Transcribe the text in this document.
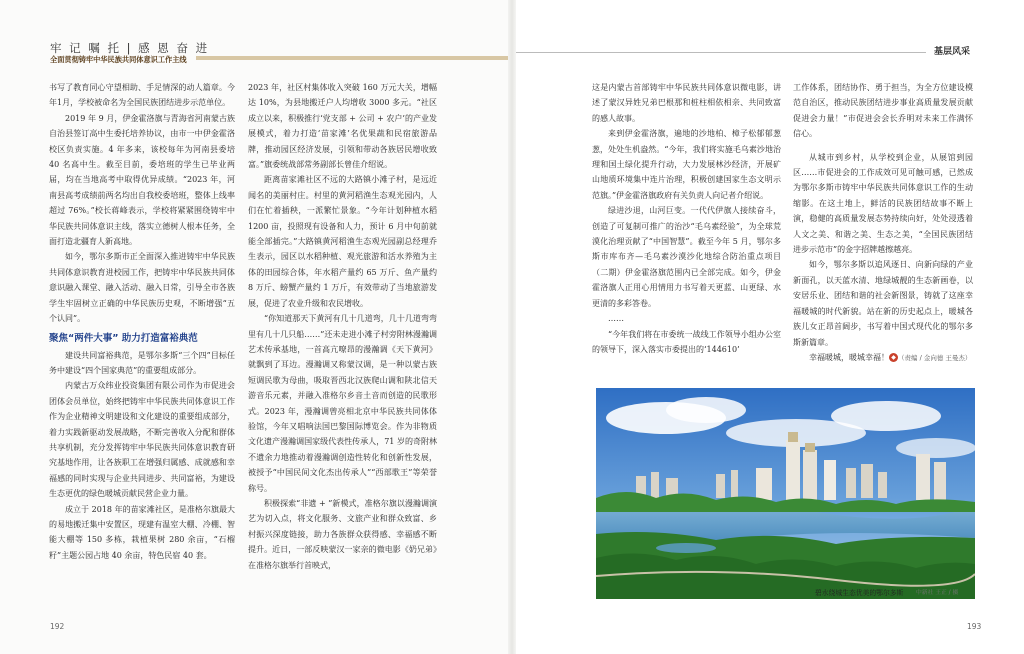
牢 记 嘱 托 | 感 恩 奋 进
全面贯彻铸牢中华民族共同体意识工作主线
基层风采

书写了教育同心守望相助、手足情深的动人篇章。今年1月，学校被命名为全国民族团结进步示范单位。

2019 年 9 月，伊金霍洛旗与青海省河南蒙古族自治县签订高中生委托培养协议，由市一中伊金霍洛校区负责实施。4 年多来，该校每年为河南县委培 40 名高中生。截至目前，委培班的学生已毕业两届，均在当地高考中取得优异成绩。“2023 年，河南县高考成绩前两名均出自我校委培班，整体上线率超过 76%。”校长蒋峰表示，学校将紧紧围绕铸牢中华民族共同体意识主线，落实立德树人根本任务，全面打造北疆育人新高地。

如今，鄂尔多斯市正全面深入推进铸牢中华民族共同体意识教育进校园工作，把铸牢中华民族共同体意识融入课堂、融入活动、融入日常，引导全市各族学生牢固树立正确的中华民族历史观，不断增强“五个认同”。

聚焦“两件大事” 助力打造富裕典范

建设共同富裕典范，是鄂尔多斯“三个四”目标任务中建设“四个国家典范”的重要组成部分。

内蒙古万众纬业投资集团有限公司作为市促进会团体会员单位，始终把铸牢中华民族共同体意识工作作为企业精神文明建设和文化建设的重要组成部分，着力实践新驱动发展战略，不断完善收入分配和群体共享机制，充分发挥铸牢中华民族共同体意识教育研究基地作用，让各族职工在增强归属感、成就感和幸福感的同时实现与企业共同进步、共同富裕，为建设生态更优的绿色暖城贡献民营企业力量。

成立于 2018 年的苗家滩社区，是准格尔旗最大的易地搬迁集中安置区，现建有温室大棚、冷棚、智能大棚等 150 多栋，栽植果树 280 余亩，“石榴籽”主题公园占地 40 余亩，特色民宿 40 套。

2023 年，社区村集体收入突破 160 万元大关，增幅达 10%，为县地搬迁户人均增收 3000 多元。“社区成立以来，积极推行‘党支部 + 公司 + 农户’的产业发展模式，着力打造‘苗家滩’名优果蔬和民宿旅游品牌，推动园区经济发展，引领和带动各族居民增收致富。”旗委统战部常务副部长曾佳介绍说。

距离苗家滩社区不远的大路镇小滩子村，是远近闻名的美丽村庄。村里的黄河稻渔生态观光园内，人们在忙着插秧，一派繁忙景象。“今年计划种植水稻 1200 亩，投照现有设备和人力，预计 6 月中旬前就能全部插完。”大路镇黄河稻渔生态观光园副总经理乔生表示，园区以水稻种植、观光旅游和活水养殖为主体的田园综合体，年水稻产量约 65 万斤、鱼产量约 8 万斤、螃蟹产量约 1 万斤，有效带动了当地旅游发展，促进了农业升级和农民增收。

“你知道那天下黄河有几十几道弯，几十几道弯弯里有几十几只船……”还未走进小滩子村旁附林漫瀚调艺术传承基地，一首高亢嘹昂的漫瀚调《天下黄河》就飘到了耳边。漫瀚调又称蒙汉调，是一种以蒙古族短调民歌为母曲，吸取晋西北汉族爬山调和陕北信天游音乐元素，并融入准格尔乡音土音而创造的民歌形式。2023 年，漫瀚调曾亮相北京中华民族共同体体验馆，今年又唱响法国巴黎国际博览会。作为非物质文化遗产漫瀚调国家级代表性传承人，71 岁的奇附林不遗余力地推动着漫瀚调创造性转化和创新性发展，被授予“中国民间文化杰出传承人”“西部歌王”等荣誉称号。

积极探索“非遗 + ”新模式，准格尔旗以漫瀚调演艺为切入点，将文化服务、文旅产业和群众致富、乡村振兴深度链接，助力各族群众获得感、幸福感不断提升。近日，一部反映蒙汉一家亲的微电影《奶兄弟》在准格尔旗举行首映式，

这是内蒙古首部铸牢中华民族共同体意识微电影，讲述了蒙汉异姓兄弟巴根那和桩柱相依相亲、共同致富的感人故事。

来到伊金霍洛旗，遍地的沙地柏、樟子松郁郁葱葱，处处生机盎然。“今年，我们将实施毛乌素沙地治理和国土绿化提升行动，大力发展林沙经济，开展矿山地质环境集中连片治理，积极创建国家生态文明示范旗。”伊金霍洛旗政府有关负责人向记者介绍说。

绿进沙退，山河巨变。一代代伊旗人接续奋斗，创造了可复制可推广的治沙“毛乌素经验”，为全球荒漠化治理贡献了“中国智慧”。截至今年 5 月，鄂尔多斯市库布齐—毛乌素沙漠沙化地综合防治重点项目（二期）伊金霍洛旗范围内已全部完成。如今，伊金霍洛旗人正用心用情用力书写着天更蓝、山更绿、水更清的多彩答卷。

……

“今年我们将在市委统一战线工作领导小组办公室的领导下，深入落实市委提出的‘144610’

工作体系，团结协作、勇于担当，为全方位建设模范自治区，推动民族团结进步事业高质量发展贡献促进会力量！”市促进会会长乔明对未来工作满怀信心。

从城市到乡村，从学校到企业，从展馆到园区……市促进会的工作成效可见可触可感，已然成为鄂尔多斯市铸牢中华民族共同体意识工作的生动缩影。在这土地上，鲜活的民族团结故事不断上演，稳健的高质量发展态势持续向好，处处浸透着人文之美、和谐之美、生态之美，“全国民族团结进步示范市”的金字招牌越擦越亮。

如今，鄂尔多斯以追风逐日、向新向绿的产业新面孔，以天蓝水清、地绿城靓的生态新画卷，以安居乐业、团结和谐的社会新图景，铸就了这座幸福暖城的时代新貌。站在新的历史起点上，暖城各族儿女正昂首阔步，书写着中国式现代化的鄂尔多斯新篇章。

幸福暖城，暖城幸福！ ◆ （责编 / 金向德 王曼杰）

碧水绕城生态优美的鄂尔多斯 中新社 王正 / 摄
192	193
